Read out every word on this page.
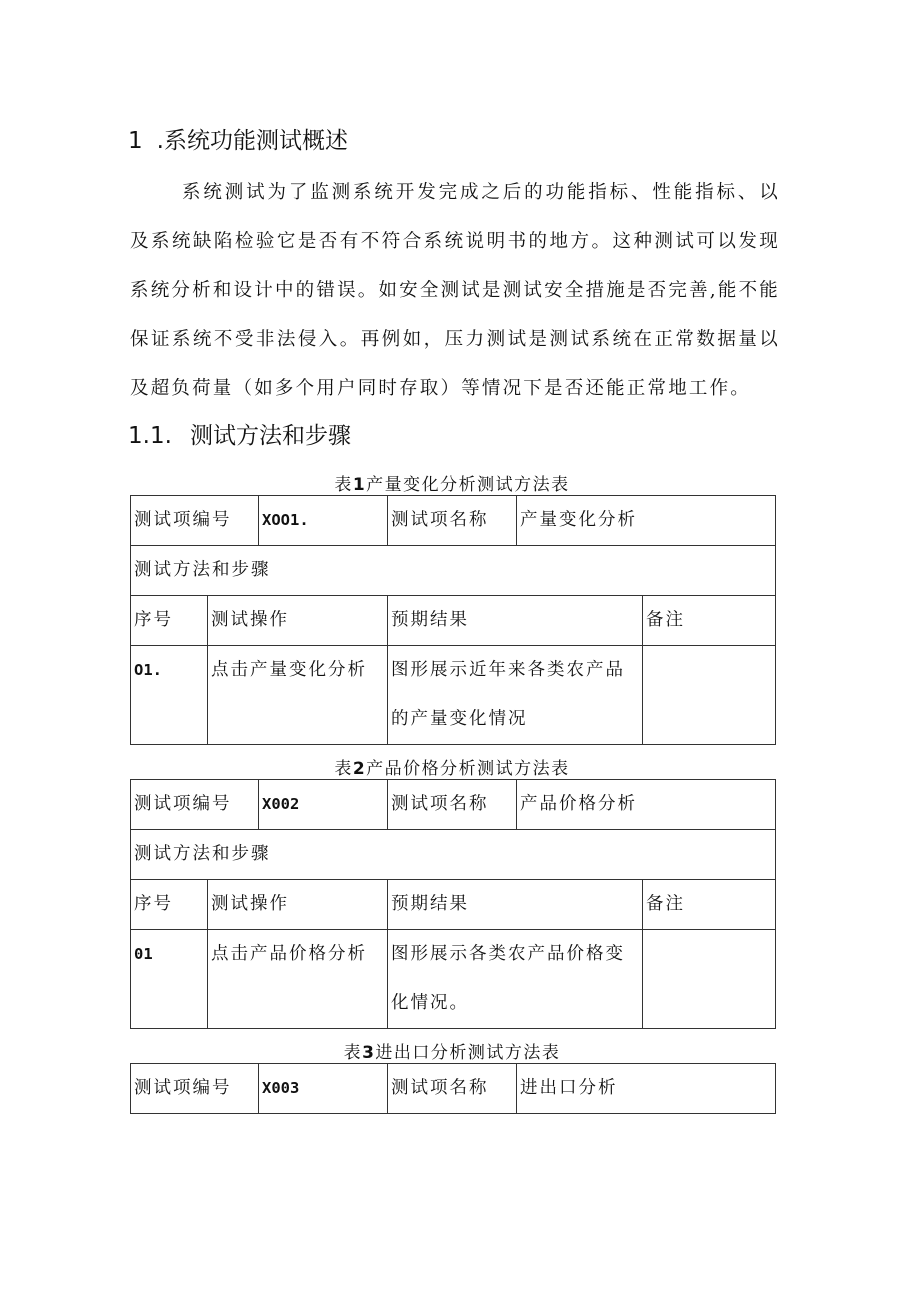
1 .系统功能测试概述

系统测试为了监测系统开发完成之后的功能指标、性能指标、以及系统缺陷检验它是否有不符合系统说明书的地方。这种测试可以发现系统分析和设计中的错误。如安全测试是测试安全措施是否完善,能不能保证系统不受非法侵入。再例如，压力测试是测试系统在正常数据量以及超负荷量（如多个用户同时存取）等情况下是否还能正常地工作。

1.1. 测试方法和步骤
表1产量变化分析测试方法表
测试项编号		XOO1.	测试项名称	产量变化分析	
测试方法和步骤					
序号	测试操作		预期结果		备注
O1.	点击产量变化分析		图形展示近年来各类农产品的产量变化情况		
表2产品价格分析测试方法表
测试项编号		X002	测试项名称	产品价格分析	
测试方法和步骤					
序号	测试操作		预期结果		备注
01	点击产品价格分析		图形展示各类农产品价格变化情况。		
表3进出口分析测试方法表
测试项编号	X003	测试项名称	进出口分析
